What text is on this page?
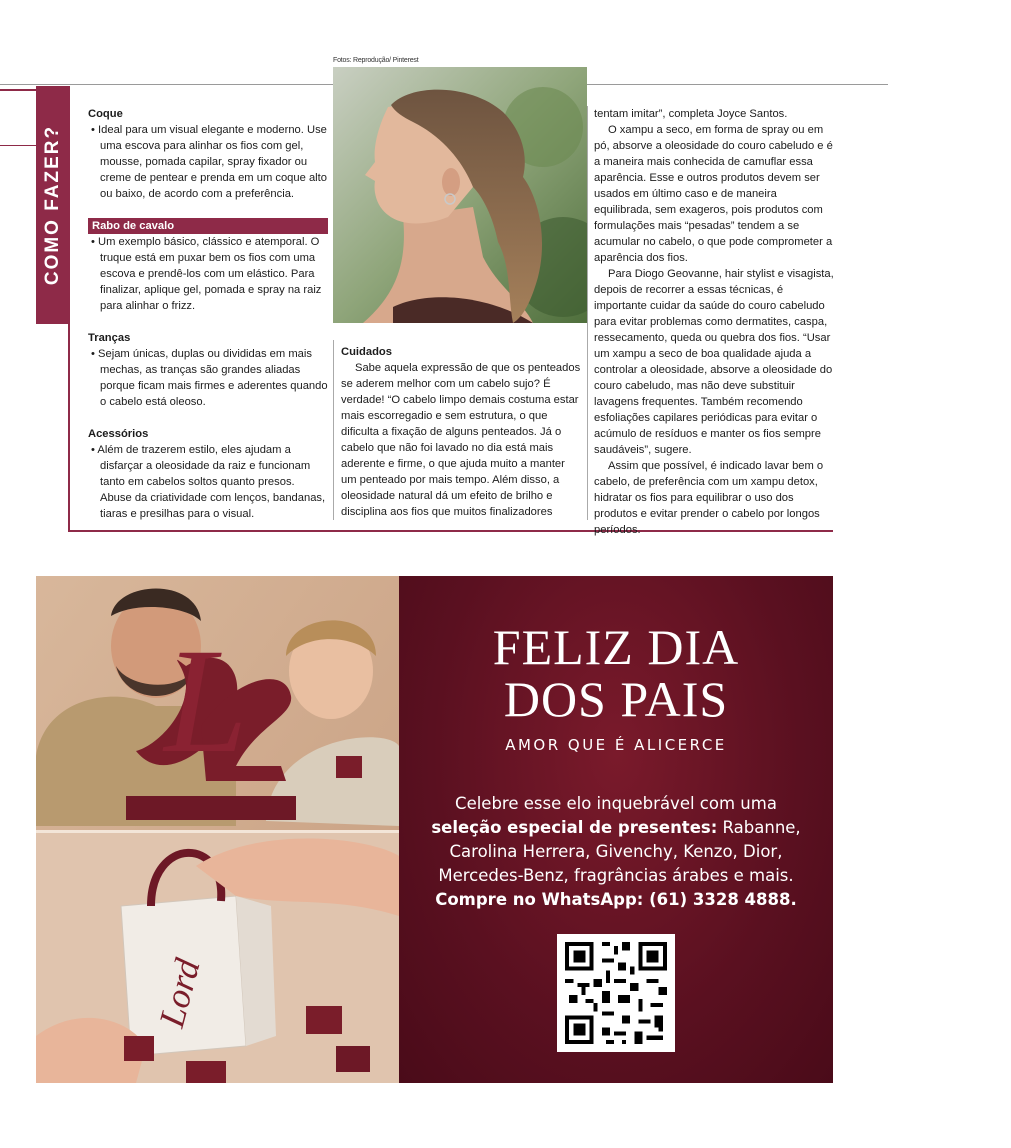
Fotos: Reprodução/ Pinterest
COMO FAZER?

Coque

• Ideal para um visual elegante e moderno. Use uma escova para alinhar os fios com gel, mousse, pomada capilar, spray fixador ou creme de pentear e prenda em um coque alto ou baixo, de acordo com a preferência.

Rabo de cavalo

• Um exemplo básico, clássico e atemporal. O truque está em puxar bem os fios com uma escova e prendê-los com um elástico. Para finalizar, aplique gel, pomada e spray na raiz para alinhar o frizz.

Tranças

• Sejam únicas, duplas ou divididas em mais mechas, as tranças são grandes aliadas porque ficam mais firmes e aderentes quando o cabelo está oleoso.

Acessórios

• Além de trazerem estilo, eles ajudam a disfarçar a oleosidade da raiz e funcionam tanto em cabelos soltos quanto presos. Abuse da criatividade com lenços, bandanas, tiaras e presilhas para o visual.

Cuidados

Sabe aquela expressão de que os penteados se aderem melhor com um cabelo sujo? É verdade! “O cabelo limpo demais costuma estar mais escorregadio e sem estrutura, o que dificulta a fixação de alguns penteados. Já o cabelo que não foi lavado no dia está mais aderente e firme, o que ajuda muito a manter um penteado por mais tempo. Além disso, a oleosidade natural dá um efeito de brilho e disciplina aos fios que muitos finalizadores

tentam imitar”, completa Joyce Santos.

O xampu a seco, em forma de spray ou em pó, absorve a oleosidade do couro cabeludo e é a maneira mais conhecida de camuflar essa aparência. Esse e outros produtos devem ser usados em último caso e de maneira equilibrada, sem exageros, pois produtos com formulações mais “pesadas” tendem a se acumular no cabelo, o que pode comprometer a aparência dos fios.

Para Diogo Geovanne, hair stylist e visagista, depois de recorrer a essas técnicas, é importante cuidar da saúde do couro cabeludo para evitar problemas como dermatites, caspa, ressecamento, queda ou quebra dos fios. “Usar um xampu a seco de boa qualidade ajuda a controlar a oleosidade, absorve a oleosidade do couro cabeludo, mas não deve substituir lavagens frequentes. Também recomendo esfoliações capilares periódicas para evitar o acúmulo de resíduos e manter os fios sempre saudáveis”, sugere.

Assim que possível, é indicado lavar bem o cabelo, de preferência com um xampu detox, hidratar os fios para equilibrar o uso dos produtos e evitar prender o cabelo por longos períodos.

L
Lord
FELIZ DIA
DOS PAIS
AMOR QUE É ALICERCE
Celebre esse elo inquebrável com uma seleção especial de presentes: Rabanne, Carolina Herrera, Givenchy, Kenzo, Dior, Mercedes-Benz, fragrâncias árabes e mais.
Compre no WhatsApp: (61) 3328 4888.
